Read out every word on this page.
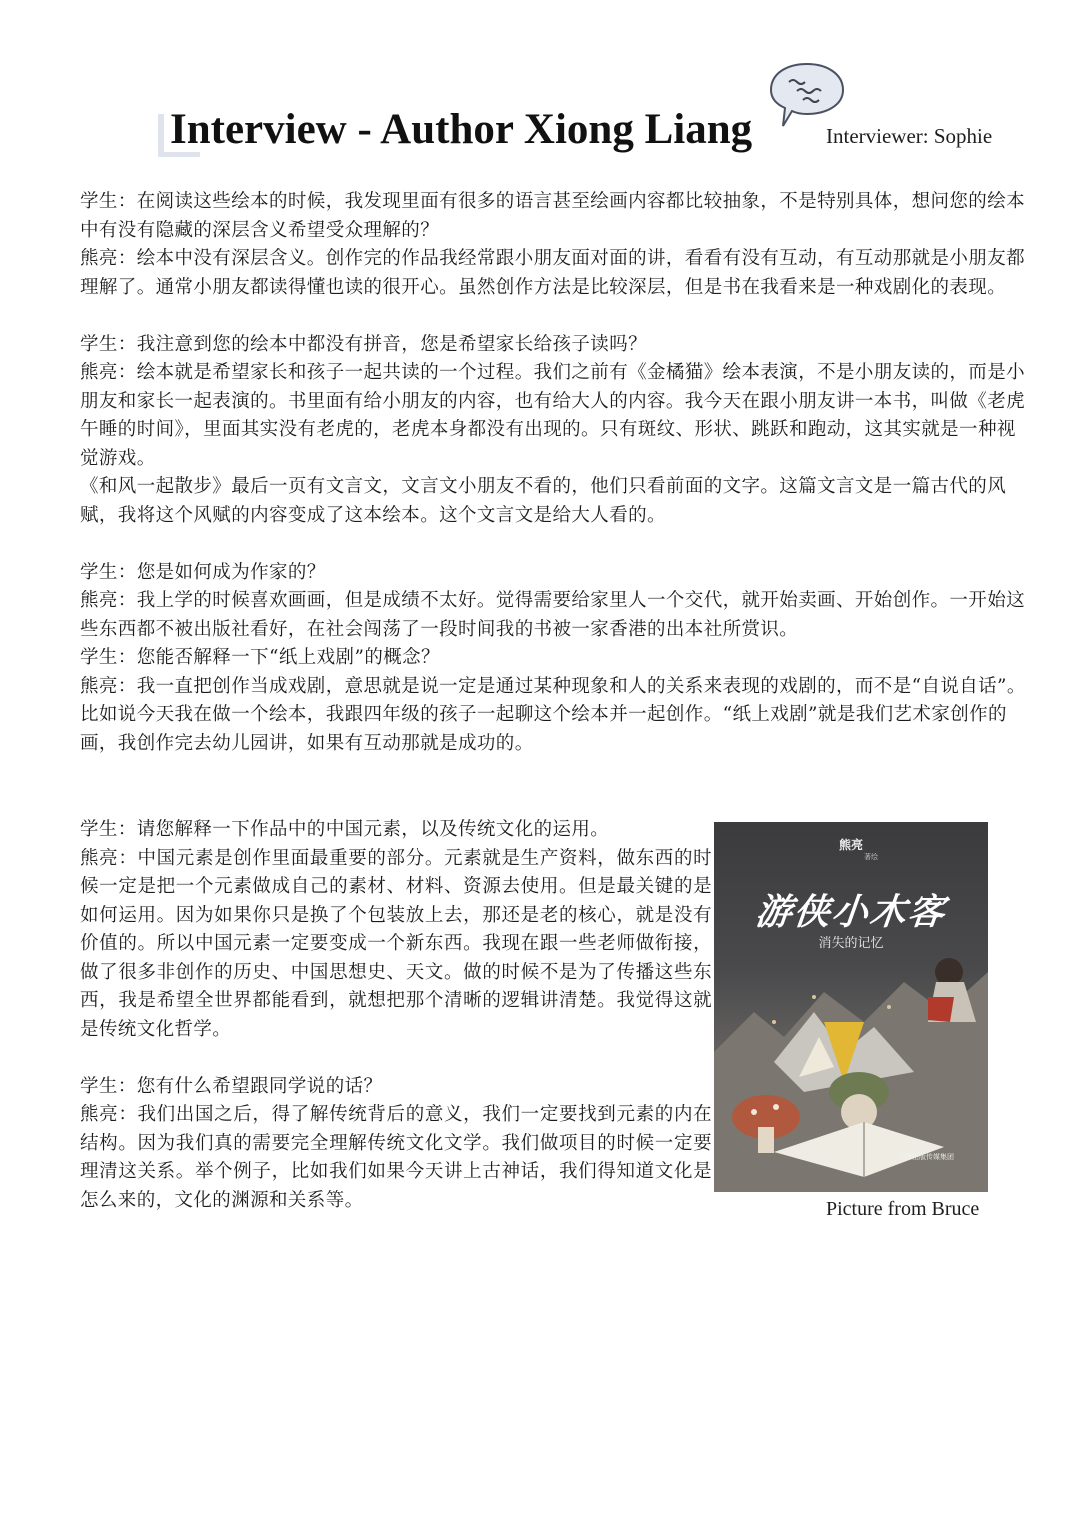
Interview - Author Xiong Liang	Interviewer: Sophie

学生：在阅读这些绘本的时候，我发现里面有很多的语言甚至绘画内容都比较抽象，不是特别具体，想问您的绘本中有没有隐藏的深层含义希望受众理解的？

熊亮：绘本中没有深层含义。创作完的作品我经常跟小朋友面对面的讲，看看有没有互动，有互动那就是小朋友都理解了。通常小朋友都读得懂也读的很开心。虽然创作方法是比较深层，但是书在我看来是一种戏剧化的表现。

学生：我注意到您的绘本中都没有拼音，您是希望家长给孩子读吗？

熊亮：绘本就是希望家长和孩子一起共读的一个过程。我们之前有《金橘猫》绘本表演，不是小朋友读的，而是小朋友和家长一起表演的。书里面有给小朋友的内容，也有给大人的内容。我今天在跟小朋友讲一本书，叫做《老虎午睡的时间》，里面其实没有老虎的，老虎本身都没有出现的。只有斑纹、形状、跳跃和跑动，这其实就是一种视觉游戏。

《和风一起散步》最后一页有文言文，文言文小朋友不看的，他们只看前面的文字。这篇文言文是一篇古代的风赋，我将这个风赋的内容变成了这本绘本。这个文言文是给大人看的。

学生：您是如何成为作家的？

熊亮：我上学的时候喜欢画画，但是成绩不太好。觉得需要给家里人一个交代，就开始卖画、开始创作。一开始这些东西都不被出版社看好，在社会闯荡了一段时间我的书被一家香港的出本社所赏识。

学生：您能否解释一下“纸上戏剧”的概念？

熊亮：我一直把创作当成戏剧，意思就是说一定是通过某种现象和人的关系来表现的戏剧的，而不是“自说自话”。比如说今天我在做一个绘本，我跟四年级的孩子一起聊这个绘本并一起创作。“纸上戏剧”就是我们艺术家创作的画，我创作完去幼儿园讲，如果有互动那就是成功的。

学生：请您解释一下作品中的中国元素，以及传统文化的运用。

熊亮：中国元素是创作里面最重要的部分。元素就是生产资料，做东西的时候一定是把一个元素做成自己的素材、材料、资源去使用。但是最关键的是如何运用。因为如果你只是换了个包装放上去，那还是老的核心，就是没有价值的。所以中国元素一定要变成一个新东西。我现在跟一些老师做衔接，做了很多非创作的历史、中国思想史、天文。做的时候不是为了传播这些东西，我是希望全世界都能看到，就想把那个清晰的逻辑讲清楚。我觉得这就是传统文化哲学。

学生：您有什么希望跟同学说的话？

熊亮：我们出国之后，得了解传统背后的意义，我们一定要找到元素的内在结构。因为我们真的需要完全理解传统文化文学。我们做项目的时候一定要理清这关系。举个例子，比如我们如果今天讲上古神话，我们得知道文化是怎么来的，文化的渊源和关系等。

熊亮
著绘
游侠小木客
消失的记忆
天津出版传媒集团
Picture from Bruce
